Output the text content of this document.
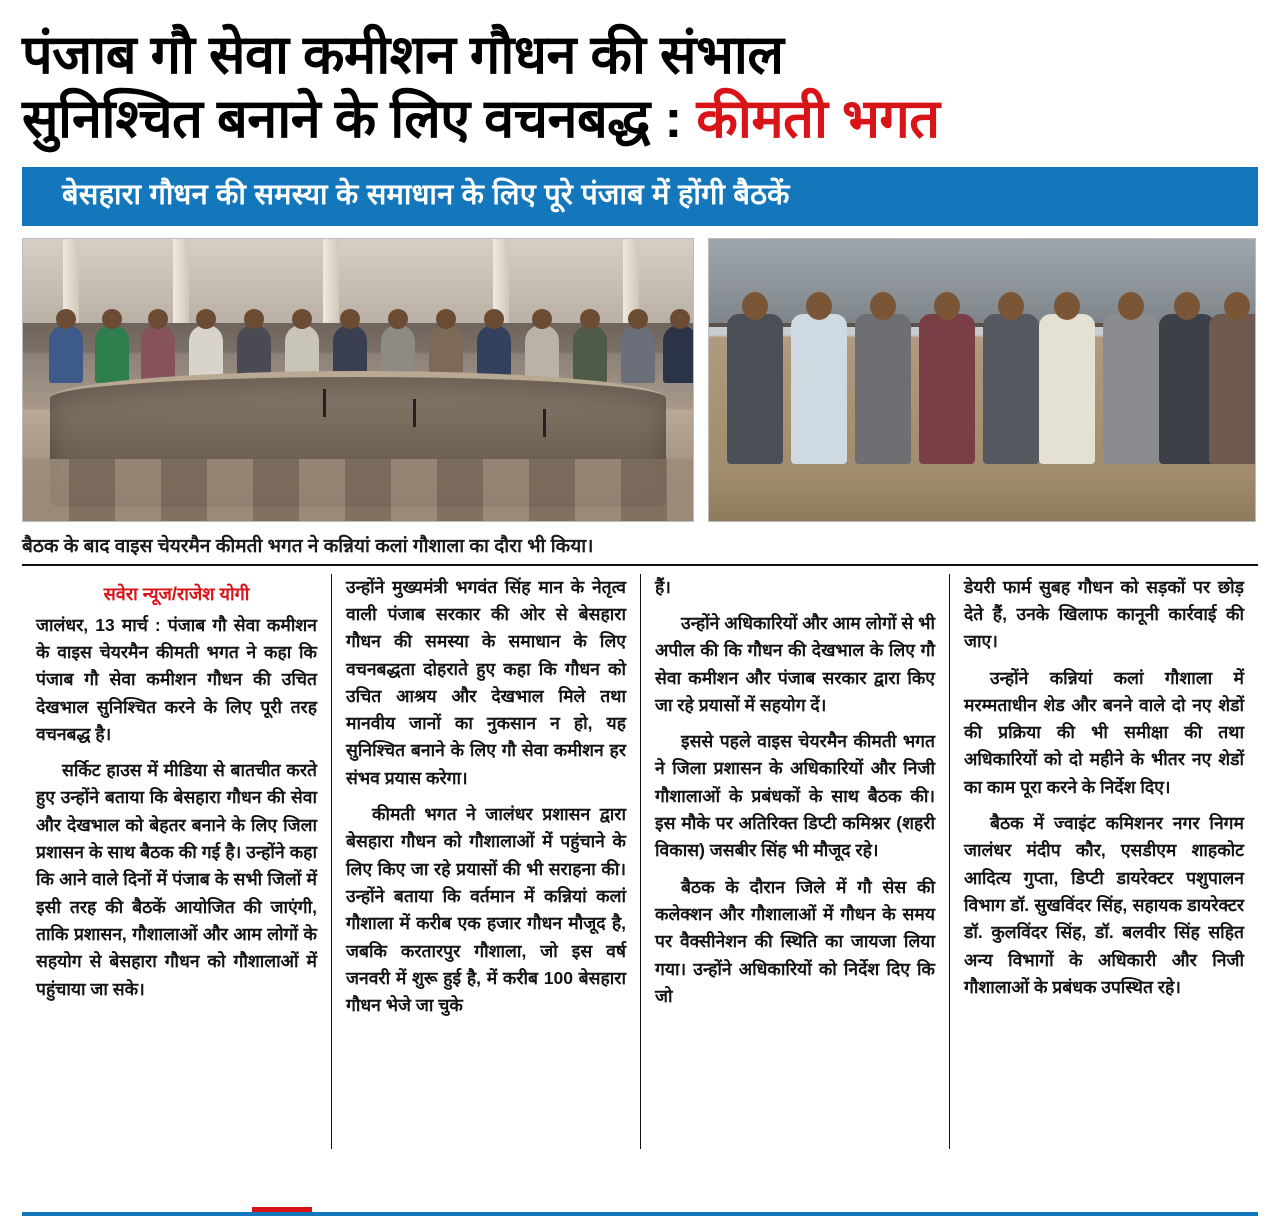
पंजाब गौ सेवा कमीशन गौधन की संभाल
सुनिश्चित बनाने के लिए वचनबद्ध : कीमती भगत
बेसहारा गौधन की समस्या के समाधान के लिए पूरे पंजाब में होंगी बैठकें
बैठक के बाद वाइस चेयरमैन कीमती भगत ने कन्नियां कलां गौशाला का दौरा भी किया।
सवेरा न्यूज/राजेश योगी

जालंधर, 13 मार्च : पंजाब गौ सेवा कमीशन के वाइस चेयरमैन कीमती भगत ने कहा कि पंजाब गौ सेवा कमीशन गौधन की उचित देखभाल सुनिश्चित करने के लिए पूरी तरह वचनबद्ध है।

सर्किट हाउस में मीडिया से बातचीत करते हुए उन्होंने बताया कि बेसहारा गौधन की सेवा और देखभाल को बेहतर बनाने के लिए जिला प्रशासन के साथ बैठक की गई है। उन्होंने कहा कि आने वाले दिनों में पंजाब के सभी जिलों में इसी तरह की बैठकें आयोजित की जाएंगी, ताकि प्रशासन, गौशालाओं और आम लोगों के सहयोग से बेसहारा गौधन को गौशालाओं में पहुंचाया जा सके।

उन्होंने मुख्यमंत्री भगवंत सिंह मान के नेतृत्व वाली पंजाब सरकार की ओर से बेसहारा गौधन की समस्या के समाधान के लिए वचनबद्धता दोहराते हुए कहा कि गौधन को उचित आश्रय और देखभाल मिले तथा मानवीय जानों का नुकसान न हो, यह सुनिश्चित बनाने के लिए गौ सेवा कमीशन हर संभव प्रयास करेगा।

कीमती भगत ने जालंधर प्रशासन द्वारा बेसहारा गौधन को गौशालाओं में पहुंचाने के लिए किए जा रहे प्रयासों की भी सराहना की। उन्होंने बताया कि वर्तमान में कन्नियां कलां गौशाला में करीब एक हजार गौधन मौजूद है, जबकि करतारपुर गौशाला, जो इस वर्ष जनवरी में शुरू हुई है, में करीब 100 बेसहारा गौधन भेजे जा चुके

हैं।

उन्होंने अधिकारियों और आम लोगों से भी अपील की कि गौधन की देखभाल के लिए गौ सेवा कमीशन और पंजाब सरकार द्वारा किए जा रहे प्रयासों में सहयोग दें।

इससे पहले वाइस चेयरमैन कीमती भगत ने जिला प्रशासन के अधिकारियों और निजी गौशालाओं के प्रबंधकों के साथ बैठक की। इस मौके पर अतिरिक्त डिप्टी कमिश्नर (शहरी विकास) जसबीर सिंह भी मौजूद रहे।

बैठक के दौरान जिले में गौ सेस की कलेक्शन और गौशालाओं में गौधन के समय पर वैक्सीनेशन की स्थिति का जायजा लिया गया। उन्होंने अधिकारियों को निर्देश दिए कि जो

डेयरी फार्म सुबह गौधन को सड़कों पर छोड़ देते हैं, उनके खिलाफ कानूनी कार्रवाई की जाए।

उन्होंने कन्नियां कलां गौशाला में मरम्मताधीन शेड और बनने वाले दो नए शेडों की प्रक्रिया की भी समीक्षा की तथा अधिकारियों को दो महीने के भीतर नए शेडों का काम पूरा करने के निर्देश दिए।

बैठक में ज्वाइंट कमिशनर नगर निगम जालंधर मंदीप कौर, एसडीएम शाहकोट आदित्य गुप्ता, डिप्टी डायरेक्टर पशुपालन विभाग डॉ. सुखविंदर सिंह, सहायक डायरेक्टर डॉ. कुलविंदर सिंह, डॉ. बलवीर सिंह सहित अन्य विभागों के अधिकारी और निजी गौशालाओं के प्रबंधक उपस्थित रहे।
